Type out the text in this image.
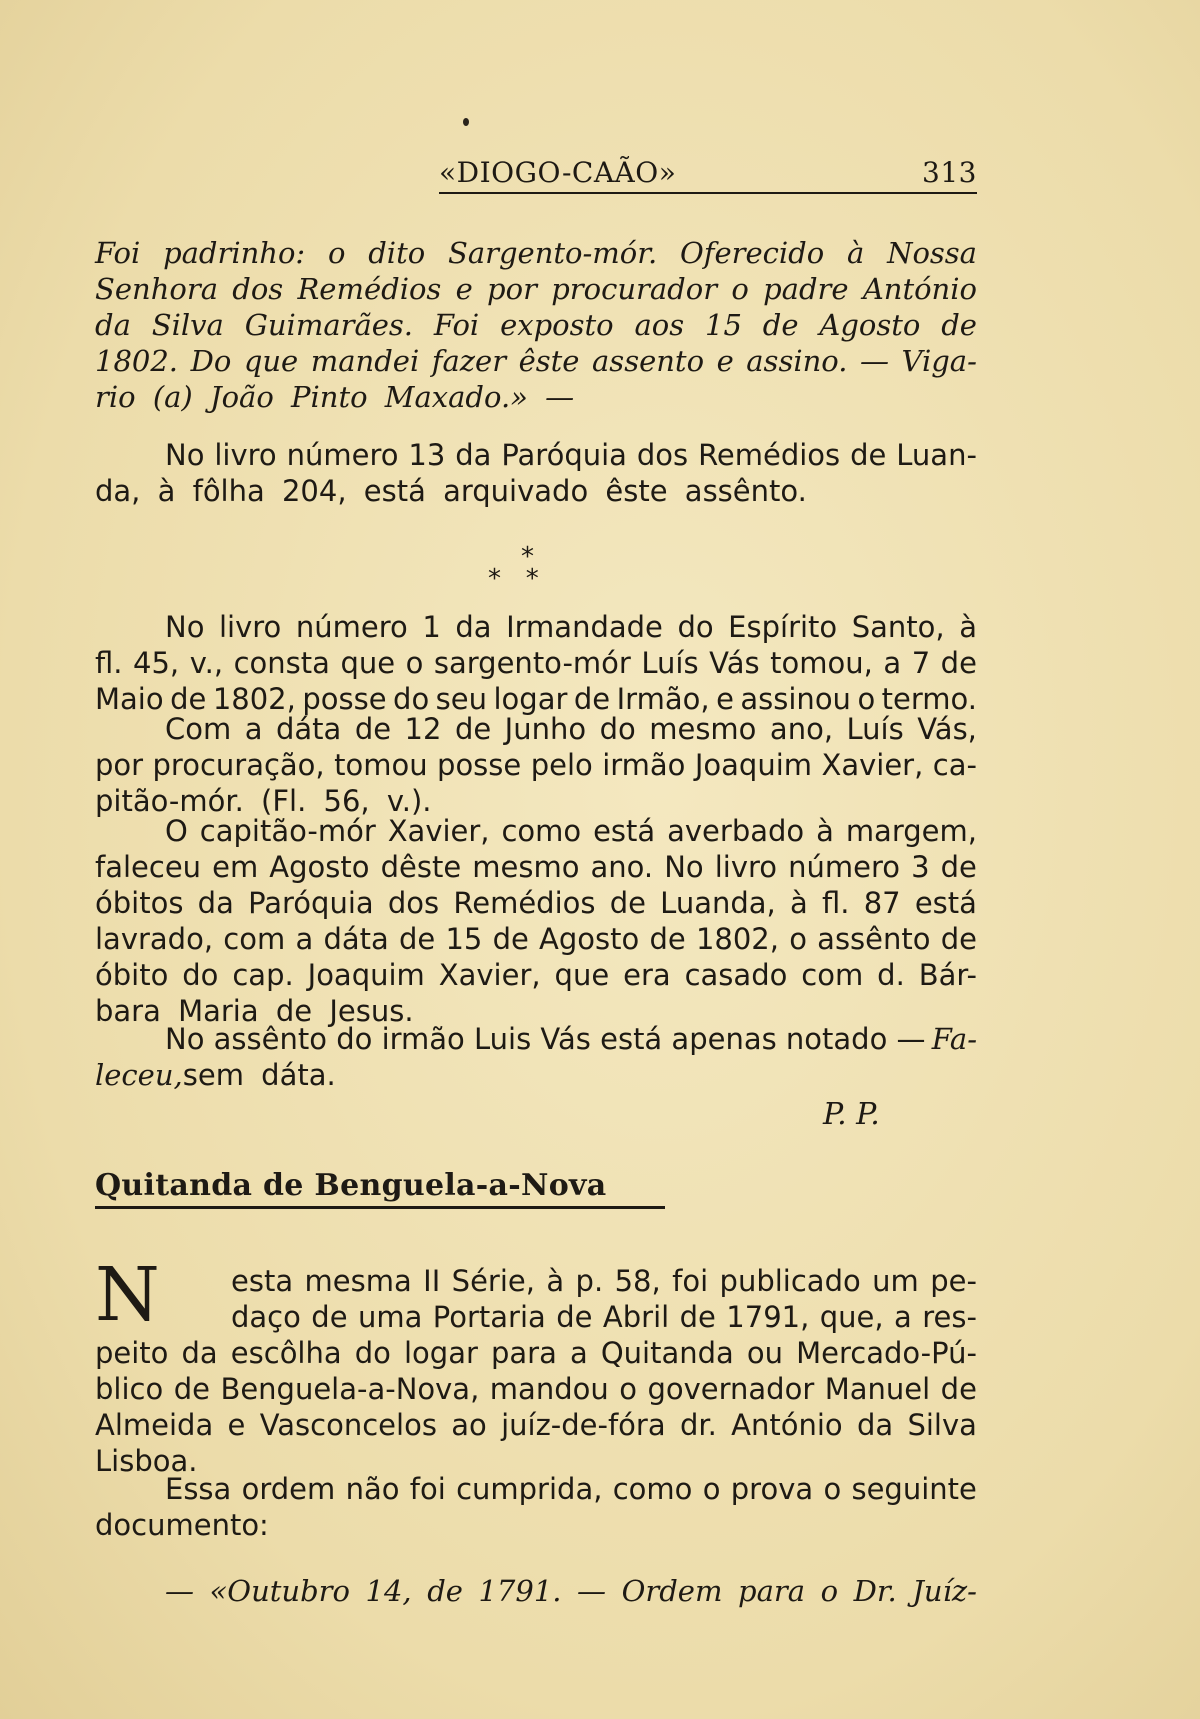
«DIOGO-CAÃO»	313
Foi padrinho: o dito Sargento-mór. Oferecido à Nossa
Senhora dos Remédios e por procurador o padre António
da Silva Guimarães. Foi exposto aos 15 de Agosto de
1802. Do que mandei fazer êste assento e assino. — Viga-
rio (a) João Pinto Maxado.» —
No livro número 13 da Paróquia dos Remédios de Luan-
da, à fôlha 204, está arquivado êste assênto.
*
*   *
No livro número 1 da Irmandade do Espírito Santo, à
fl. 45, v., consta que o sargento-mór Luís Vás tomou, a 7 de
Maio de 1802, posse do seu logar de Irmão, e assinou o termo.
Com a dáta de 12 de Junho do mesmo ano, Luís Vás,
por procuração, tomou posse pelo irmão Joaquim Xavier, ca-
pitão-mór. (Fl. 56, v.).
O capitão-mór Xavier, como está averbado à margem,
faleceu em Agosto dêste mesmo ano. No livro número 3 de
óbitos da Paróquia dos Remédios de Luanda, à fl. 87 está
lavrado, com a dáta de 15 de Agosto de 1802, o assênto de
óbito do cap. Joaquim Xavier, que era casado com d. Bár-
bara Maria de Jesus.
No assênto do irmão Luis Vás está apenas notado — Fa-
leceu, sem dáta.
P. P.
Quitanda de Benguela-a-Nova
N esta mesma II Série, à p. 58, foi publicado um pe-
daço de uma Portaria de Abril de 1791, que, a res-
peito da escôlha do logar para a Quitanda ou Mercado-Pú-
blico de Benguela-a-Nova, mandou o governador Manuel de
Almeida e Vasconcelos ao juíz-de-fóra dr. António da Silva
Lisboa.
Essa ordem não foi cumprida, como o prova o seguinte
documento:
— «Outubro 14, de 1791. — Ordem para o Dr. Juíz-
